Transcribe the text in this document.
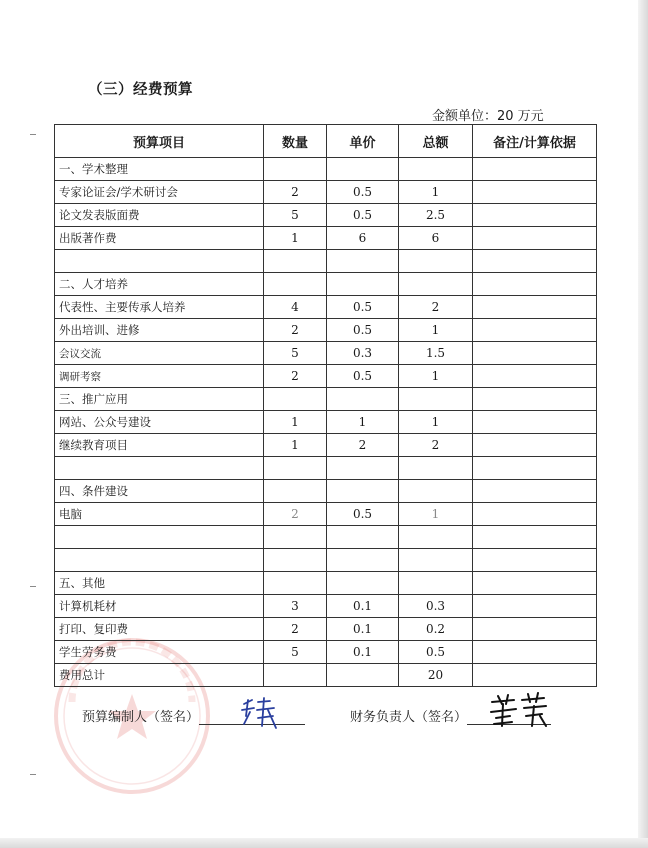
（三）经费预算
金额单位：20 万元
预算项目	数量	单价	总额	备注/计算依据
一、学术整理				
专家论证会/学术研讨会	2	0.5	1	
论文发表版面费	5	0.5	2.5	
出版著作费	1	6	6	

二、人才培养				
代表性、主要传承人培养	4	0.5	2	
外出培训、进修	2	0.5	1	
会议交流	5	0.3	1.5	
调研考察	2	0.5	1	
三、推广应用				
网站、公众号建设	1	1	1	
继续教育项目	1	2	2	

四、条件建设				
电脑	2	0.5	1	

五、其他				
计算机耗材	3	0.1	0.3	
打印、复印费	2	0.1	0.2	
学生劳务费	5	0.1	0.5	
费用总计			20	
预算编制人（签名）	财务负责人（签名）
